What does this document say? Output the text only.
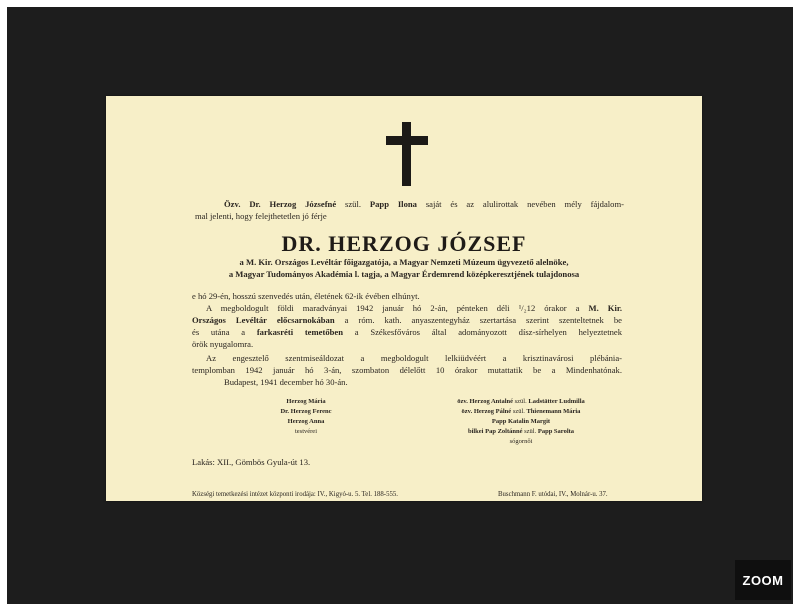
Özv. Dr. Herzog Józsefné szül. Papp Ilona saját és az alulirottak nevében mély fájdalom-
mal jelenti, hogy felejthetetlen jó férje
DR. HERZOG JÓZSEF
a M. Kir. Országos Levéltár főigazgatója, a Magyar Nemzeti Múzeum ügyvezető alelnöke,
a Magyar Tudományos Akadémia l. tagja, a Magyar Érdemrend középkeresztjének tulajdonosa
e hó 29-én, hosszú szenvedés után, életének 62-ik évében elhúnyt.
A megboldogult földi maradványai 1942 január hó 2-án, pénteken déli ¹/₂12 órakor a M. Kir.
Országos Levéltár előcsarnokában a róm. kath. anyaszentegyház szertartása szerint szenteltetnek be
és utána a farkasréti temetőben a Székesfőváros által adományozott dísz-sírhelyen helyeztetnek
örök nyugalomra.
Az engesztelő szentmiseáldozat a megboldogult lelkiüdvéért a krisztinavárosi plébánia-
templomban 1942 január hó 3-án, szombaton délelőtt 10 órakor mutattatik be a Mindenhatónak.
Budapest, 1941 december hó 30-án.
Herzog Mária
Dr. Herzog Ferenc
Herzog Anna
testvérei
özv. Herzog Antalné szül. Ladstätter Ludmilla
özv. Herzog Pálné szül. Thienemann Mária
Papp Katalin Margit
bilkei Pap Zoltánné szül. Papp Sarolta
sógornői
Lakás: XII., Gömbös Gyula-út 13.
Községi temetkezési intézet központi irodája: IV., Kigyó-u. 5. Tel. 188-555.	Buschmann F. utódai, IV., Molnár-u. 37.
ZOOM
